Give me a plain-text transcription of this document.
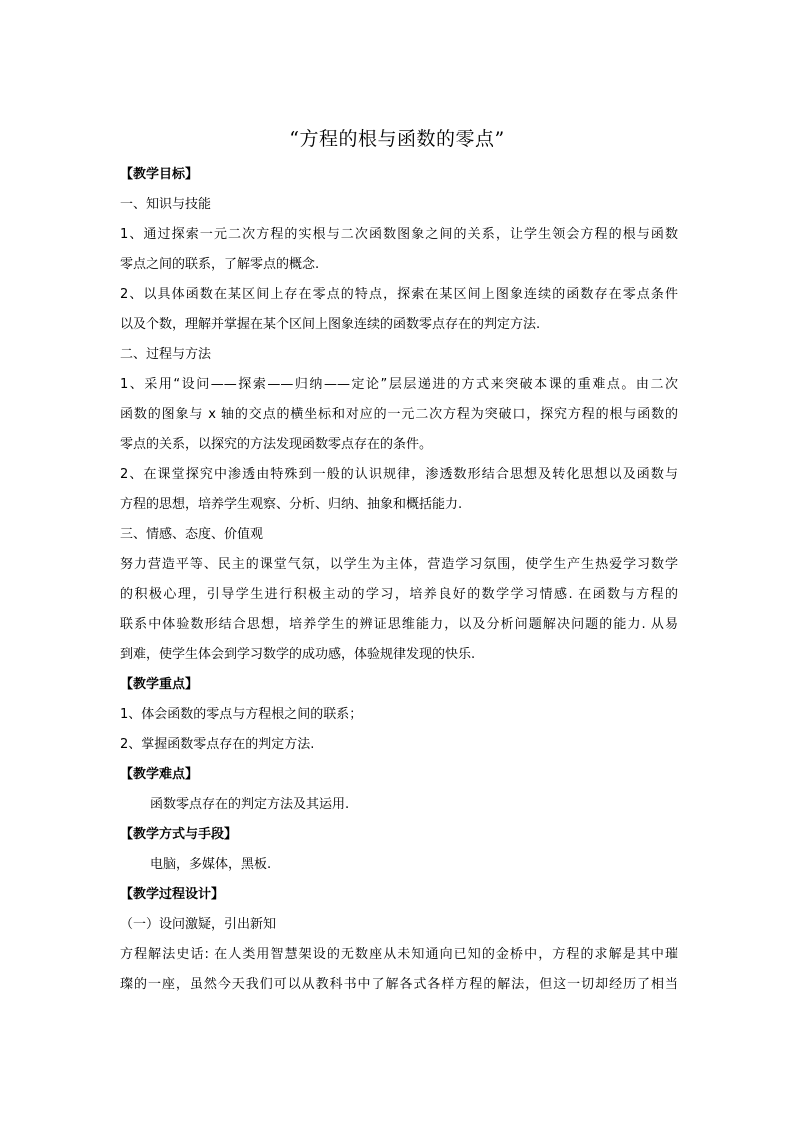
“方程的根与函数的零点”
【教学目标】
一、知识与技能
1、通过探索一元二次方程的实根与二次函数图象之间的关系，让学生领会方程的根与函数
零点之间的联系，了解零点的概念.
2、以具体函数在某区间上存在零点的特点，探索在某区间上图象连续的函数存在零点条件
以及个数，理解并掌握在某个区间上图象连续的函数零点存在的判定方法.
二、过程与方法
1、采用“设问——探索——归纳——定论”层层递进的方式来突破本课的重难点。由二次
函数的图象与 x 轴的交点的横坐标和对应的一元二次方程为突破口，探究方程的根与函数的
零点的关系，以探究的方法发现函数零点存在的条件。
2、在课堂探究中渗透由特殊到一般的认识规律，渗透数形结合思想及转化思想以及函数与
方程的思想，培养学生观察、分析、归纳、抽象和概括能力.
三、情感、态度、价值观
努力营造平等、民主的课堂气氛，以学生为主体，营造学习氛围，使学生产生热爱学习数学
的积极心理，引导学生进行积极主动的学习，培养良好的数学学习情感. 在函数与方程的
联系中体验数形结合思想，培养学生的辨证思维能力，以及分析问题解决问题的能力. 从易
到难，使学生体会到学习数学的成功感，体验规律发现的快乐.
【教学重点】
1、体会函数的零点与方程根之间的联系；
2、掌握函数零点存在的判定方法.
【教学难点】
函数零点存在的判定方法及其运用.
【教学方式与手段】
电脑，多媒体，黑板.
【教学过程设计】
（一）设问激疑，引出新知
方程解法史话: 在人类用智慧架设的无数座从未知通向已知的金桥中，方程的求解是其中璀
璨的一座，虽然今天我们可以从教科书中了解各式各样方程的解法，但这一切却经历了相当
